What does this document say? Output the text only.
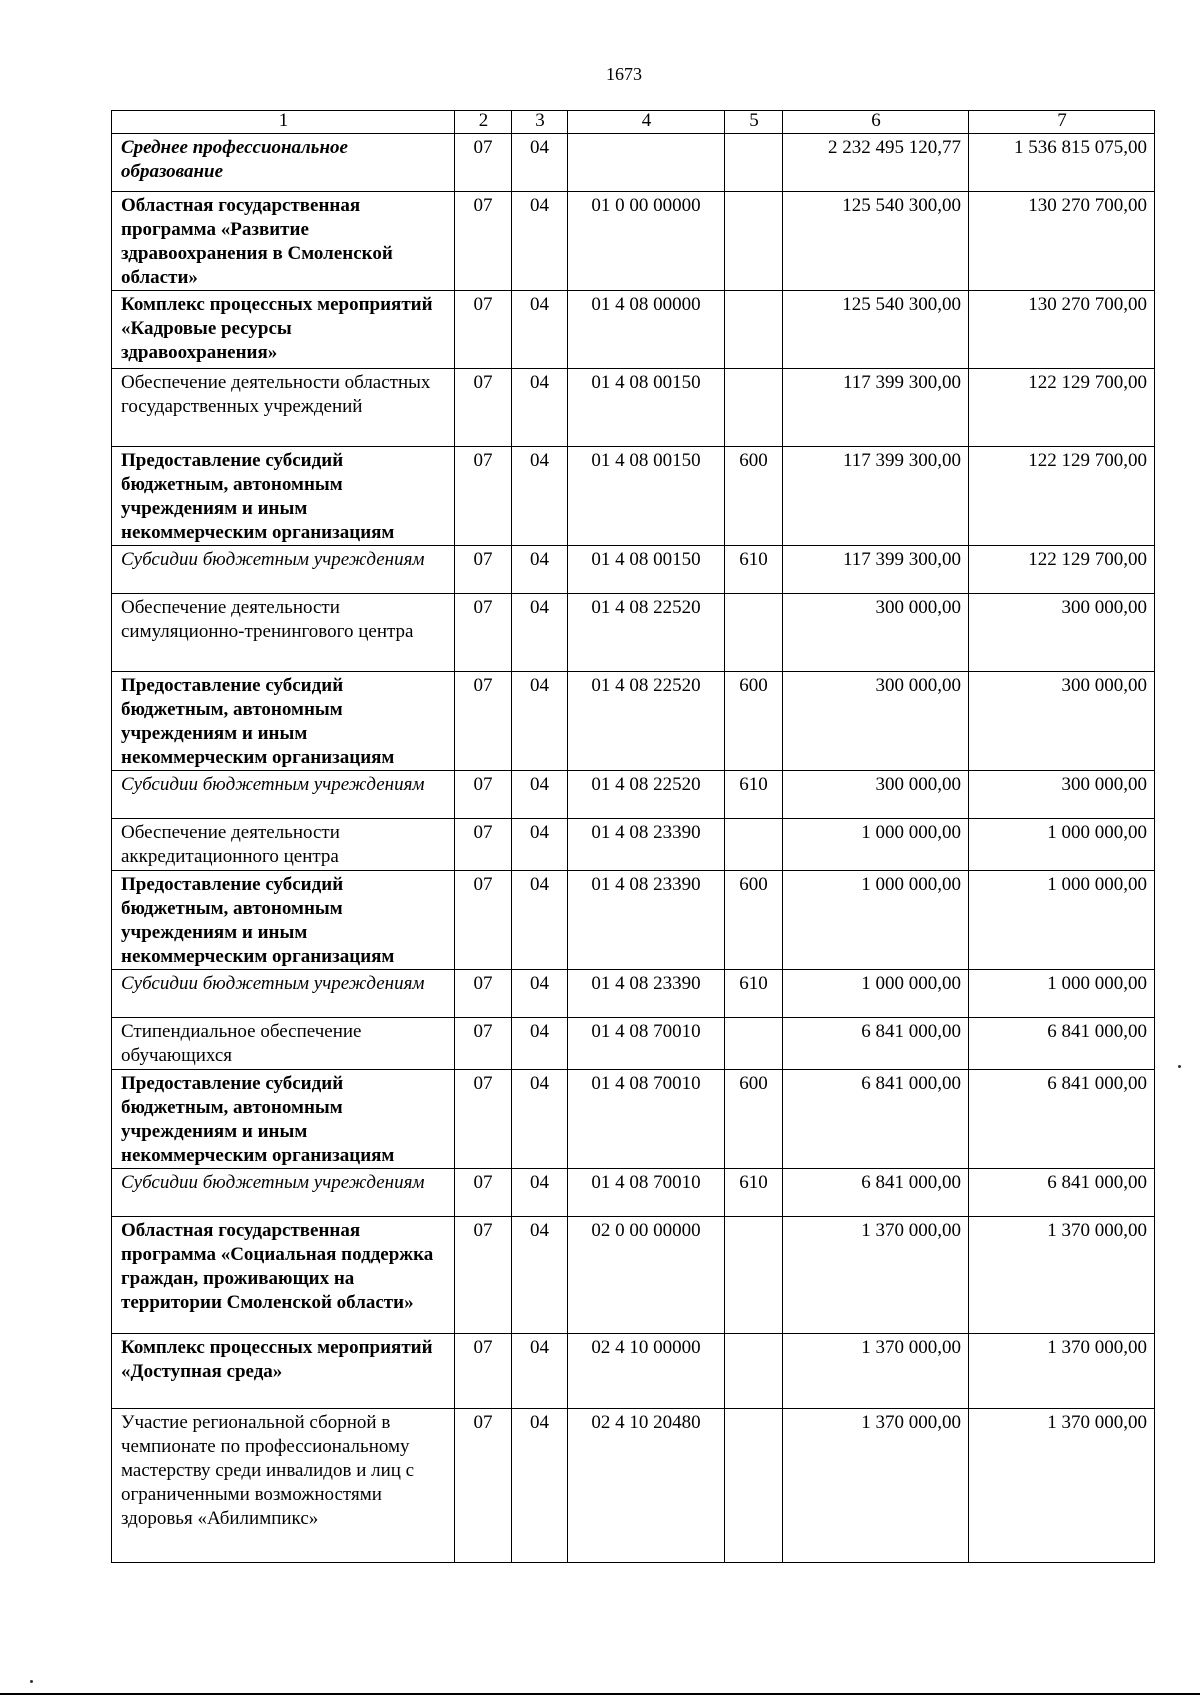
1673
1	2	3	4	5	6	7
Среднее профессиональное образование	07	04			2 232 495 120,77	1 536 815 075,00
Областная государственная программа «Развитие здравоохранения в Смоленской области»	07	04	01 0 00 00000		125 540 300,00	130 270 700,00
Комплекс процессных мероприятий «Кадровые ресурсы здравоохранения»	07	04	01 4 08 00000		125 540 300,00	130 270 700,00
Обеспечение деятельности областных государственных учреждений	07	04	01 4 08 00150		117 399 300,00	122 129 700,00
Предоставление субсидий бюджетным, автономным учреждениям и иным некоммерческим организациям	07	04	01 4 08 00150	600	117 399 300,00	122 129 700,00
Субсидии бюджетным учреждениям	07	04	01 4 08 00150	610	117 399 300,00	122 129 700,00
Обеспечение деятельности симуляционно-тренингового центра	07	04	01 4 08 22520		300 000,00	300 000,00
Предоставление субсидий бюджетным, автономным учреждениям и иным некоммерческим организациям	07	04	01 4 08 22520	600	300 000,00	300 000,00
Субсидии бюджетным учреждениям	07	04	01 4 08 22520	610	300 000,00	300 000,00
Обеспечение деятельности аккредитационного центра	07	04	01 4 08 23390		1 000 000,00	1 000 000,00
Предоставление субсидий бюджетным, автономным учреждениям и иным некоммерческим организациям	07	04	01 4 08 23390	600	1 000 000,00	1 000 000,00
Субсидии бюджетным учреждениям	07	04	01 4 08 23390	610	1 000 000,00	1 000 000,00
Стипендиальное обеспечение обучающихся	07	04	01 4 08 70010		6 841 000,00	6 841 000,00
Предоставление субсидий бюджетным, автономным учреждениям и иным некоммерческим организациям	07	04	01 4 08 70010	600	6 841 000,00	6 841 000,00
Субсидии бюджетным учреждениям	07	04	01 4 08 70010	610	6 841 000,00	6 841 000,00
Областная государственная программа «Социальная поддержка граждан, проживающих на территории Смоленской области»	07	04	02 0 00 00000		1 370 000,00	1 370 000,00
Комплекс процессных мероприятий «Доступная среда»	07	04	02 4 10 00000		1 370 000,00	1 370 000,00
Участие региональной сборной в чемпионате по профессиональному мастерству среди инвалидов и лиц с ограниченными возможностями здоровья «Абилимпикс»	07	04	02 4 10 20480		1 370 000,00	1 370 000,00
